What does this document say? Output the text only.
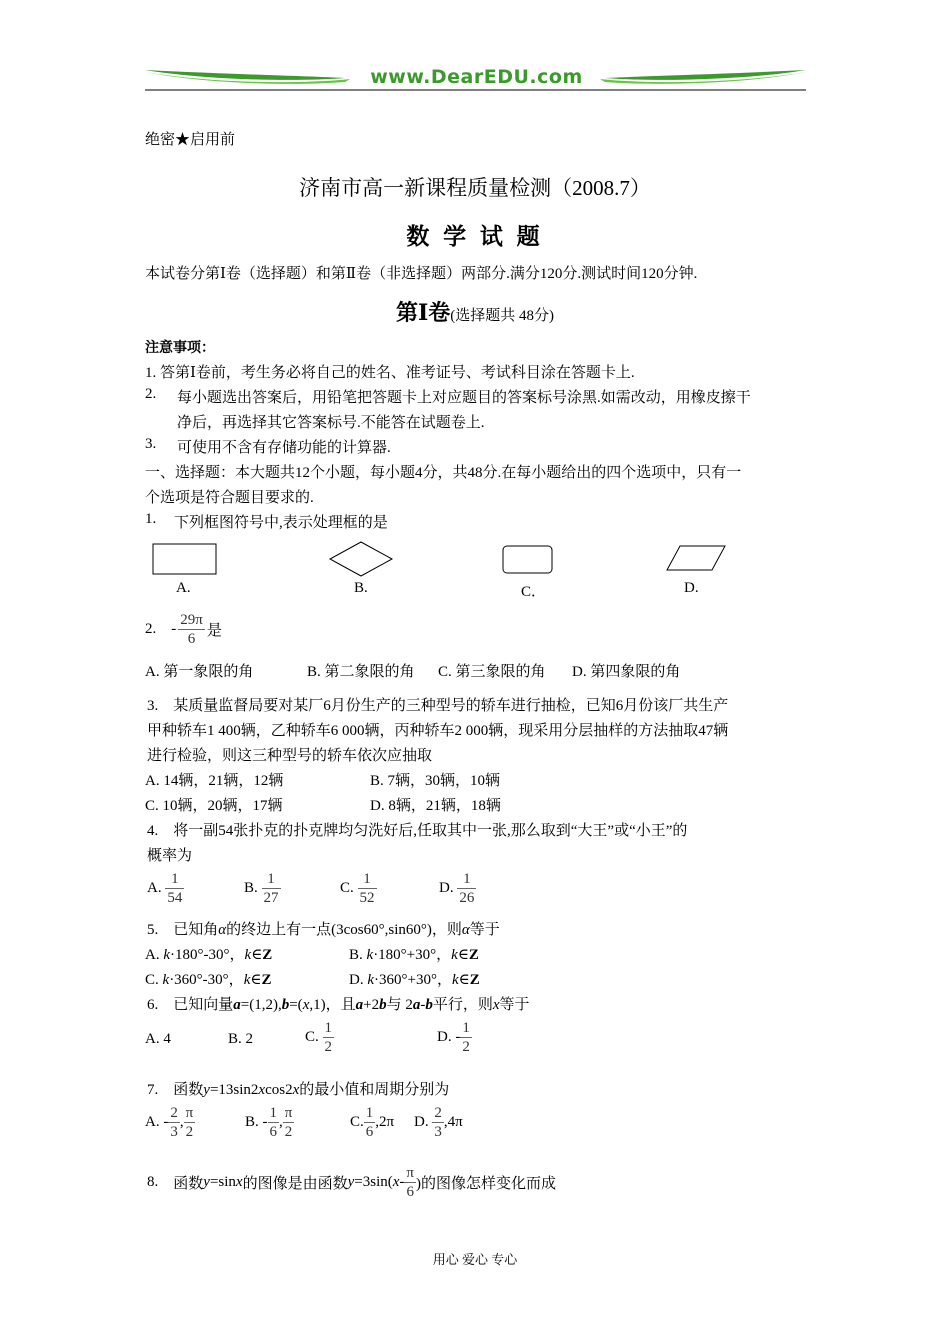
www.DearEDU.com
绝密★启用前
济南市高一新课程质量检测（2008.7）
数 学 试 题
本试卷分第Ⅰ卷（选择题）和第Ⅱ卷（非选择题）两部分.满分120分.测试时间120分钟.
第Ⅰ卷(选择题共 48分)
注意事项：
1. 答第Ⅰ卷前，考生务必将自己的姓名、准考证号、考试科目涂在答题卡上.
2. 每小题选出答案后，用铅笔把答题卡上对应题目的答案标号涂黑.如需改动，用橡皮擦干
净后，再选择其它答案标号.不能答在试题卷上.
3. 可使用不含有存储功能的计算器.
一、选择题：本大题共12个小题，每小题4分，共48分.在每小题给出的四个选项中，只有一
个选项是符合题目要求的.
1. 下列框图符号中,表示处理框的是
A.	B.	C．	D.
2. - $\frac{29\pi}{6}$ 是
A. 第一象限的角	B. 第二象限的角 C. 第三象限的角 D. 第四象限的角
3.　某质量监督局要对某厂6月份生产的三种型号的轿车进行抽检，已知6月份该厂共生产
甲种轿车1 400辆，乙种轿车6 000辆，丙种轿车2 000辆，现采用分层抽样的方法抽取47辆
进行检验，则这三种型号的轿车依次应抽取
A. 14辆，21辆，12辆	B. 7辆，30辆，10辆
C. 10辆，20辆，17辆	D. 8辆，21辆，18辆
4.　将一副54张扑克的扑克牌均匀洗好后,任取其中一张,那么取到“大王”或“小王”的
概率为
A. $\frac{1}{54}$	B. $\frac{1}{27}$	C. $\frac{1}{52}$	D. $\frac{1}{26}$
5.　已知角α的终边上有一点(3cos60°,sin60°)，则α等于
A. k·180°-30°，k∈Z	B. k·180°+30°，k∈Z
C. k·360°-30°，k∈Z	D. k·360°+30°，k∈Z
6. 已知向量a=(1,2),b=(x,1)，且a+2b与 2a-b平行，则x等于
A. 4	B. 2	C. $\frac{1}{2}$	D. - $\frac{1}{2}$
7. 函数y=13sin2xcos2x的最小值和周期分别为
A. - $\frac{2}{3}$ , $\frac{\pi}{2}$	B. - $\frac{1}{6}$ , $\frac{\pi}{2}$	C. $\frac{1}{6} ,2\pi$ D. $\frac{2}{3} ,4\pi$
8. 函数y=sinx的图像是由函数$y=3\sin(x- \frac{\pi}{6}$ )的图像怎样变化而成
用心 爱心 专心
